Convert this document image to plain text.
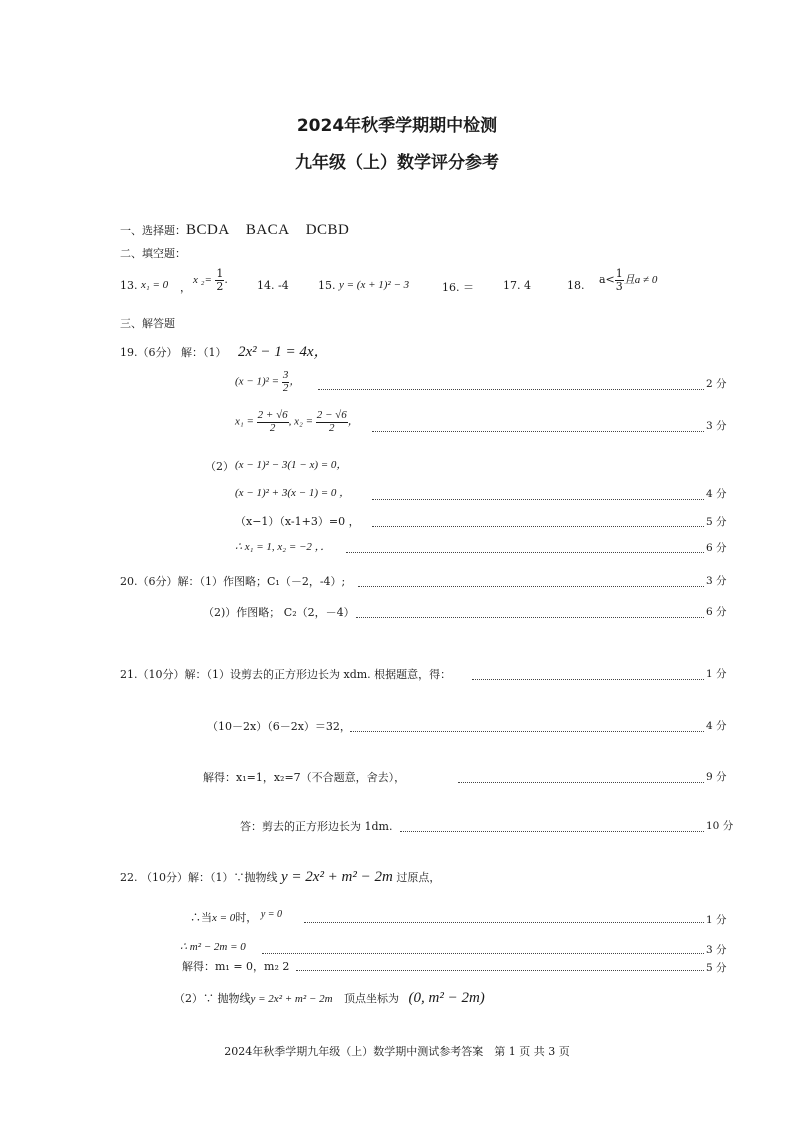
2024年秋季学期期中检测
九年级（上）数学评分参考
一、选择题：BCDA    BACA    DCBD
二、填空题：
13. x₁ = 0 ，
x $_2= \frac{1}{2}$ .	14. -4	15. y = (x + 1)² − 3	16. ＝	17. 4	18. $a< \frac{1}{3}$ 且a ≠ 0
三、解答题
19.（6分） 解：（1） 2x² − 1 = 4x，
$(x - 1)^2 = \frac{3}{2}$ ，	2 分
$x_1 = \frac{2 + √6}{2}$ , $x_2 = \frac{2 - √6}{2}$ ，	3 分
（2） (x − 1)² − 3(1 − x) = 0，
(x − 1)² + 3(x − 1) = 0 ，	4 分
（x−1）（x-1+3）=0 ，	5 分
∴ x₁ = 1, x₂ = −2 ，．	6 分
20.（6分）解：（1）作图略；C₁（－2，-4）;	3 分
（2)）作图略； C₂（2，－4）	6 分
21.（10分）解：（1）设剪去的正方形边长为 xdm. 根据题意，得：	1 分
（10－2x）（6－2x）＝32，	4 分
解得：x₁=1，x₂=7（不合题意，舍去），	9 分
答：剪去的正方形边长为 1dm.	10 分
22. （10分）解：（1）∵抛物线 y = 2x² + m² − 2m 过原点，
∴当x = 0时， y = 0	1 分
∴ m² − 2m = 0	3 分
解得：m₁ = 0，m₂ 2	5 分
（2）∵ 抛物线y = 2x² + m² − 2m 顶点坐标为 (0, m² − 2m)
2024年秋季学期九年级（上）数学期中测试参考答案　第 1 页 共 3 页
